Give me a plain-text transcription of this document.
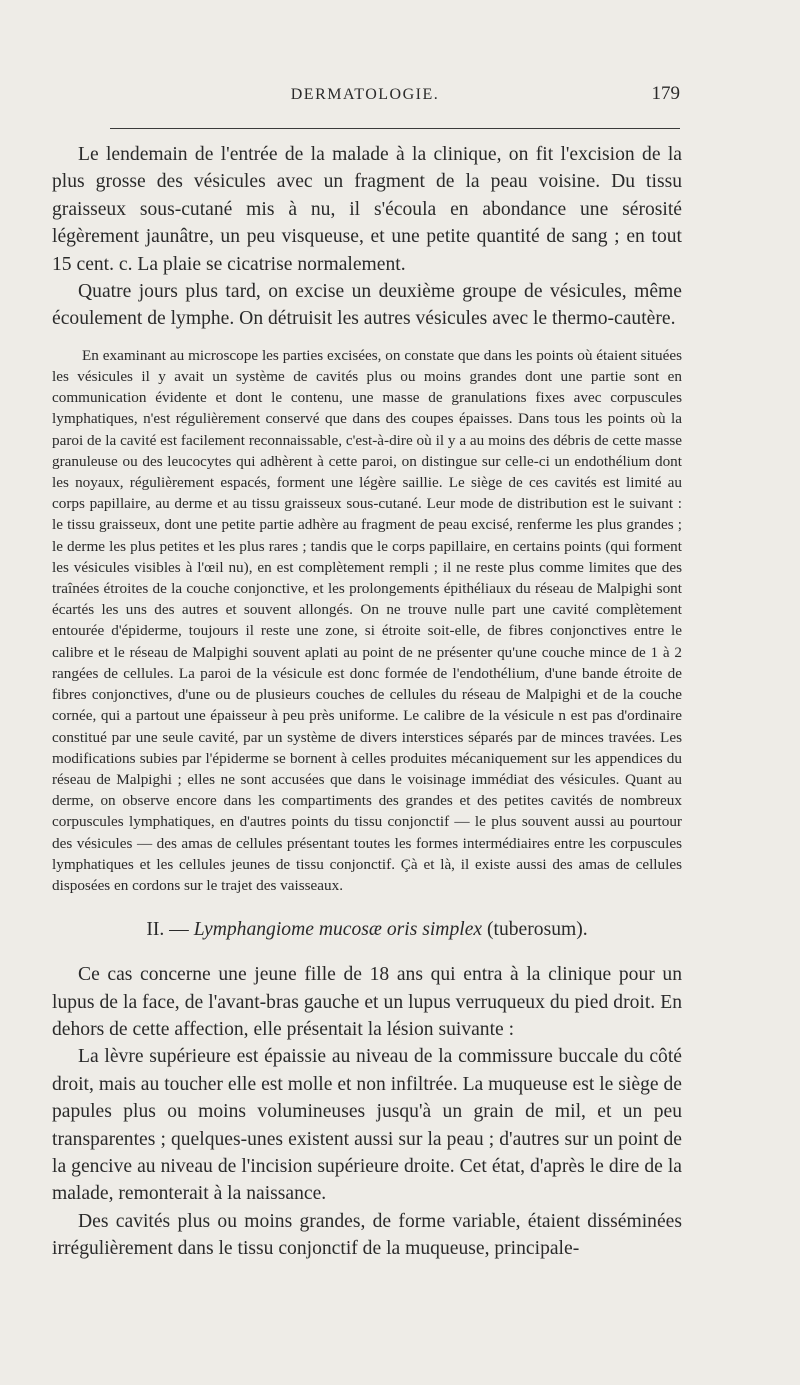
DERMATOLOGIE.	179

Le lendemain de l'entrée de la malade à la clinique, on fit l'excision de la plus grosse des vésicules avec un fragment de la peau voisine. Du tissu graisseux sous-cutané mis à nu, il s'écoula en abondance une sérosité légèrement jaunâtre, un peu visqueuse, et une petite quantité de sang ; en tout 15 cent. c. La plaie se cicatrise normalement.

Quatre jours plus tard, on excise un deuxième groupe de vésicules, même écoulement de lymphe. On détruisit les autres vésicules avec le thermo-cautère.

En examinant au microscope les parties excisées, on constate que dans les points où étaient situées les vésicules il y avait un système de cavités plus ou moins grandes dont une partie sont en communication évidente et dont le contenu, une masse de granulations fixes avec corpuscules lymphatiques, n'est régulièrement conservé que dans des coupes épaisses. Dans tous les points où la paroi de la cavité est facilement reconnaissable, c'est-à-dire où il y a au moins des débris de cette masse granuleuse ou des leucocytes qui adhèrent à cette paroi, on distingue sur celle-ci un endothélium dont les noyaux, régulièrement espacés, forment une légère saillie. Le siège de ces cavités est limité au corps papillaire, au derme et au tissu graisseux sous-cutané. Leur mode de distribution est le suivant : le tissu graisseux, dont une petite partie adhère au fragment de peau excisé, renferme les plus grandes ; le derme les plus petites et les plus rares ; tandis que le corps papillaire, en certains points (qui forment les vésicules visibles à l'œil nu), en est complètement rempli ; il ne reste plus comme limites que des traînées étroites de la couche conjonctive, et les prolongements épithéliaux du réseau de Malpighi sont écartés les uns des autres et souvent allongés. On ne trouve nulle part une cavité complètement entourée d'épiderme, toujours il reste une zone, si étroite soit-elle, de fibres conjonctives entre le calibre et le réseau de Malpighi souvent aplati au point de ne présenter qu'une couche mince de 1 à 2 rangées de cellules. La paroi de la vésicule est donc formée de l'endothélium, d'une bande étroite de fibres conjonctives, d'une ou de plusieurs couches de cellules du réseau de Malpighi et de la couche cornée, qui a partout une épaisseur à peu près uniforme. Le calibre de la vésicule n est pas d'ordinaire constitué par une seule cavité, par un système de divers interstices séparés par de minces travées. Les modifications subies par l'épiderme se bornent à celles produites mécaniquement sur les appendices du réseau de Malpighi ; elles ne sont accusées que dans le voisinage immédiat des vésicules. Quant au derme, on observe encore dans les compartiments des grandes et des petites cavités de nombreux corpuscules lymphatiques, en d'autres points du tissu conjonctif — le plus souvent aussi au pourtour des vésicules — des amas de cellules présentant toutes les formes intermédiaires entre les corpuscules lymphatiques et les cellules jeunes de tissu conjonctif. Çà et là, il existe aussi des amas de cellules disposées en cordons sur le trajet des vaisseaux.

II. — Lymphangiome mucosæ oris simplex (tuberosum).

Ce cas concerne une jeune fille de 18 ans qui entra à la clinique pour un lupus de la face, de l'avant-bras gauche et un lupus verruqueux du pied droit. En dehors de cette affection, elle présentait la lésion suivante :

La lèvre supérieure est épaissie au niveau de la commissure buccale du côté droit, mais au toucher elle est molle et non infiltrée. La muqueuse est le siège de papules plus ou moins volumineuses jusqu'à un grain de mil, et un peu transparentes ; quelques-unes existent aussi sur la peau ; d'autres sur un point de la gencive au niveau de l'incision supérieure droite. Cet état, d'après le dire de la malade, remonterait à la naissance.

Des cavités plus ou moins grandes, de forme variable, étaient disséminées irrégulièrement dans le tissu conjonctif de la muqueuse, principale-
